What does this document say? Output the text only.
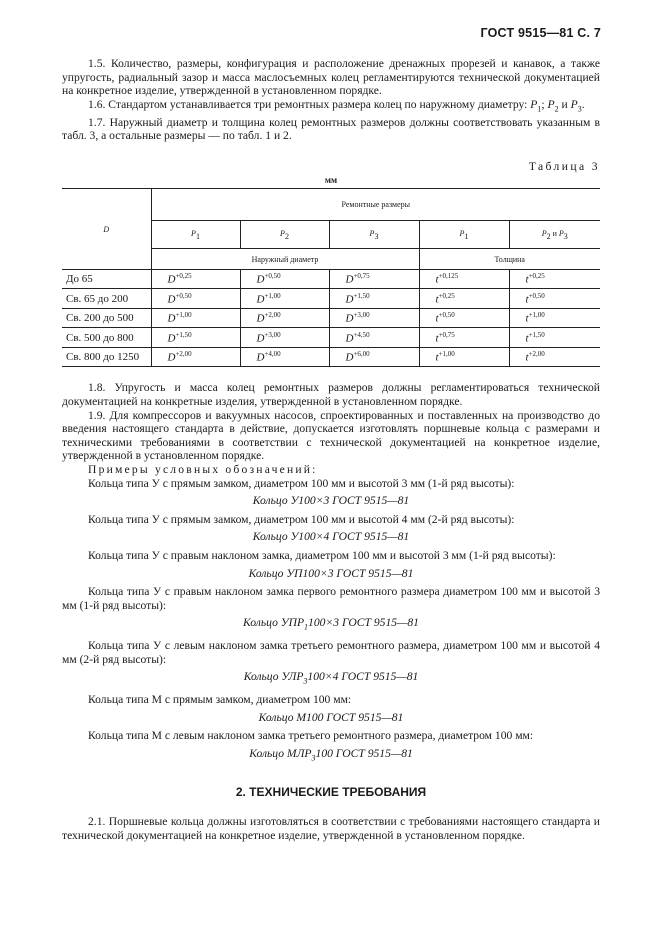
ГОСТ 9515—81 С. 7

1.5. Количество, размеры, конфигурация и расположение дренажных прорезей и канавок, а также упругость, радиальный зазор и масса маслосъемных колец регламентируются технической документацией на конкретное изделие, утвержденной в установленном порядке.

1.6. Стандартом устанавливается три ремонтных размера колец по наружному диаметру: $P_1$; $P_2$ и $P_3$.

1.7. Наружный диаметр и толщина колец ремонтных размеров должны соответствовать указанным в табл. 3, а остальные размеры — по табл. 1 и 2.

Таблица 3
мм
D	Ремонтные размеры				
	$P_1$	$P_2$	$P_3$	$P_1$	$P_2$ и $P_3$
	Наружный диаметр			Толщина	
До 65	$D^{+0,25}$	$D^{+0,50}$	$D^{+0,75}$	$t^{+0,125}$	$t^{+0,25}$
Св. 65 до 200	$D^{+0,50}$	$D^{+1,00}$	$D^{+1,50}$	$t^{+0,25}$	$t^{+0,50}$
Св. 200 до 500	$D^{+1,00}$	$D^{+2,00}$	$D^{+3,00}$	$t^{+0,50}$	$t^{+1,00}$
Св. 500 до 800	$D^{+1,50}$	$D^{+3,00}$	$D^{+4,50}$	$t^{+0,75}$	$t^{+1,50}$
Св. 800 до 1250	$D^{+2,00}$	$D^{+4,00}$	$D^{+6,00}$	$t^{+1,00}$	$t^{+2,00}$

1.8. Упругость и масса колец ремонтных размеров должны регламентироваться технической документацией на конкретные изделия, утвержденной в установленном порядке.

1.9. Для компрессоров и вакуумных насосов, спроектированных и поставленных на производство до введения настоящего стандарта в действие, допускается изготовлять поршневые кольца с размерами и техническими требованиями в соответствии с технической документацией на конкретное изделие, утвержденной в установленном порядке.

Примеры условных обозначений:

Кольца типа У с прямым замком, диаметром 100 мм и высотой 3 мм (1-й ряд высоты):

Кольцо У100×3 ГОСТ 9515—81

Кольца типа У с прямым замком, диаметром 100 мм и высотой 4 мм (2-й ряд высоты):

Кольцо У100×4 ГОСТ 9515—81

Кольца типа У с правым наклоном замка, диаметром 100 мм и высотой 3 мм (1-й ряд высоты):

Кольцо УП100×3 ГОСТ 9515—81

Кольца типа У с правым наклоном замка первого ремонтного размера диаметром 100 мм и высотой 3 мм (1-й ряд высоты):

Кольцо $УПР_1100\times 3$ ГОСТ 9515—81

Кольца типа У с левым наклоном замка третьего ремонтного размера, диаметром 100 мм и высотой 4 мм (2-й ряд высоты):

Кольцо $УЛР_3100\times 4$ ГОСТ 9515—81

Кольца типа М с прямым замком, диаметром 100 мм:

Кольцо М100 ГОСТ 9515—81

Кольца типа М с левым наклоном замка третьего ремонтного размера, диаметром 100 мм:

Кольцо $МЛР_3100$ ГОСТ 9515—81

2. ТЕХНИЧЕСКИЕ ТРЕБОВАНИЯ

2.1. Поршневые кольца должны изготовляться в соответствии с требованиями настоящего стандарта и технической документацией на конкретное изделие, утвержденной в установленном порядке.
